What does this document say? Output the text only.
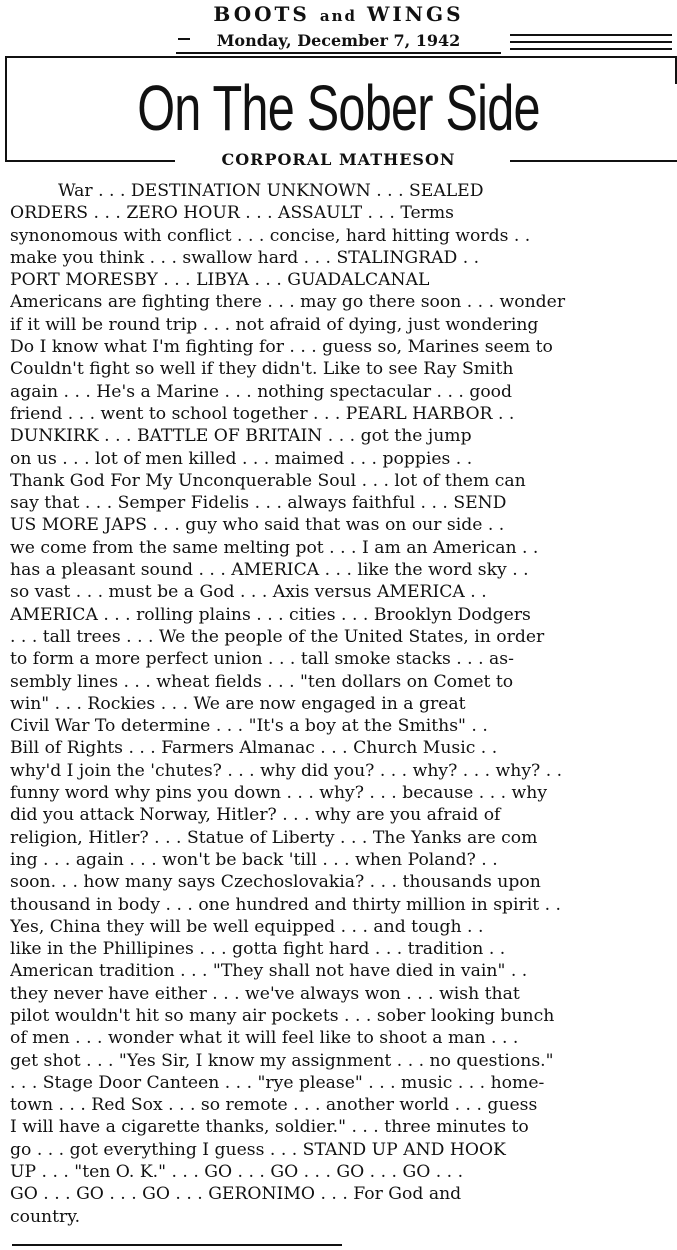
BOOTS and WINGS
Monday, December 7, 1942
On The Sober Side
CORPORAL MATHESON
War . . . DESTINATION UNKNOWN . . . SEALED
ORDERS . . . ZERO HOUR . . . ASSAULT . . . Terms
synonomous with conflict . . . concise, hard hitting words . .
make you think . . . swallow hard . . . STALINGRAD . .
PORT MORESBY . . . LIBYA . . . GUADALCANAL
Americans are fighting there . . . may go there soon . . . wonder
if it will be round trip . . . not afraid of dying, just wondering
Do I know what I'm fighting for . . . guess so, Marines seem to
Couldn't fight so well if they didn't. Like to see Ray Smith
again . . . He's a Marine . . . nothing spectacular . . . good
friend . . . went to school together . . . PEARL HARBOR . .
DUNKIRK . . . BATTLE OF BRITAIN . . . got the jump
on us . . . lot of men killed . . . maimed . . . poppies . .
Thank God For My Unconquerable Soul . . . lot of them can
say that . . . Semper Fidelis . . . always faithful . . . SEND
US MORE JAPS . . . guy who said that was on our side . .
we come from the same melting pot . . . I am an American . .
has a pleasant sound . . . AMERICA . . . like the word sky . .
so vast . . . must be a God . . . Axis versus AMERICA . .
AMERICA . . . rolling plains . . . cities . . . Brooklyn Dodgers
. . . tall trees . . . We the people of the United States, in order
to form a more perfect union . . . tall smoke stacks . . . as-
sembly lines . . . wheat fields . . . "ten dollars on Comet to
win" . . . Rockies . . . We are now engaged in a great
Civil War To determine . . . "It's a boy at the Smiths" . .
Bill of Rights . . . Farmers Almanac . . . Church Music . .
why'd I join the 'chutes? . . . why did you? . . . why? . . . why? . .
funny word why pins you down . . . why? . . . because . . . why
did you attack Norway, Hitler? . . . why are you afraid of
religion, Hitler? . . . Statue of Liberty . . . The Yanks are com
ing . . . again . . . won't be back 'till . . . when Poland? . .
soon. . . how many says Czechoslovakia? . . . thousands upon
thousand in body . . . one hundred and thirty million in spirit . .
Yes, China they will be well equipped . . . and tough . .
like in the Phillipines . . . gotta fight hard . . . tradition . .
American tradition . . . "They shall not have died in vain" . .
they never have either . . . we've always won . . . wish that
pilot wouldn't hit so many air pockets . . . sober looking bunch
of men . . . wonder what it will feel like to shoot a man . . .
get shot . . . "Yes Sir, I know my assignment . . . no questions."
. . . Stage Door Canteen . . . "rye please" . . . music . . . home-
town . . . Red Sox . . . so remote . . . another world . . . guess
I will have a cigarette thanks, soldier." . . . three minutes to
go . . . got everything I guess . . . STAND UP AND HOOK
UP . . . "ten O. K." . . . GO . . . GO . . . GO . . . GO . . .
GO . . . GO . . . GO . . . GERONIMO . . . For God and
country.
